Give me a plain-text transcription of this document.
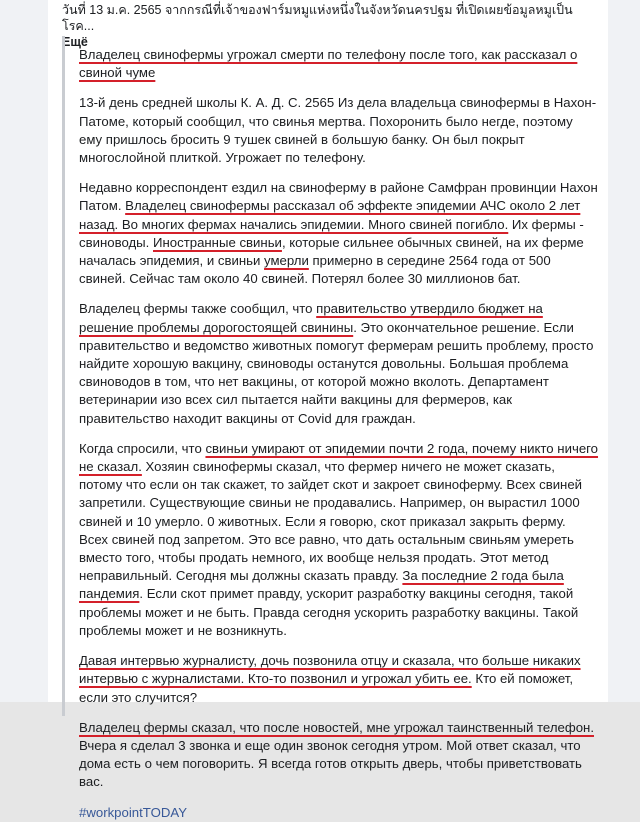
วันที่ 13 ม.ค. 2565 จากกรณีที่เจ้าของฟาร์มหมูแห่งหนึ่งในจังหวัดนครปฐม ที่เปิดเผยข้อมูลหมูเป็นโรค...
Ещё

Владелец свинофермы угрожал смерти по телефону после того, как рассказал о свиной чуме

13-й день средней школы К. А. Д. С. 2565 Из дела владельца свинофермы в Нахон-Патоме, который сообщил, что свинья мертва. Похоронить было негде, поэтому ему пришлось бросить 9 тушек свиней в большую банку. Он был покрыт многослойной плиткой. Угрожает по телефону.

Недавно корреспондент ездил на свиноферму в районе Самфран провинции Нахон Патом. Владелец свинофермы рассказал об эффекте эпидемии АЧС около 2 лет назад. Во многих фермах начались эпидемии. Много свиней погибло. Их фермы - свиноводы. Иностранные свиньи, которые сильнее обычных свиней, на их ферме началась эпидемия, и свиньи умерли примерно в середине 2564 года от 500 свиней. Сейчас там около 40 свиней. Потерял более 30 миллионов бат.

Владелец фермы также сообщил, что правительство утвердило бюджет на решение проблемы дорогостоящей свинины. Это окончательное решение. Если правительство и ведомство животных помогут фермерам решить проблему, просто найдите хорошую вакцину, свиноводы останутся довольны. Большая проблема свиноводов в том, что нет вакцины, от которой можно вколоть. Департамент ветеринарии изо всех сил пытается найти вакцины для фермеров, как правительство находит вакцины от Covid для граждан.

Когда спросили, что свиньи умирают от эпидемии почти 2 года, почему никто ничего не сказал. Хозяин свинофермы сказал, что фермер ничего не может сказать, потому что если он так скажет, то зайдет скот и закроет свиноферму. Всех свиней запретили. Существующие свиньи не продавались. Например, он вырастил 1000 свиней и 10 умерло. 0 животных. Если я говорю, скот приказал закрыть ферму. Всех свиней под запретом. Это все равно, что дать остальным свиньям умереть вместо того, чтобы продать немного, их вообще нельзя продать. Этот метод неправильный. Сегодня мы должны сказать правду. За последние 2 года была пандемия. Если скот примет правду, ускорит разработку вакцины сегодня, такой проблемы может и не быть. Правда сегодня ускорить разработку вакцины. Такой проблемы может и не возникнуть.

Давая интервью журналисту, дочь позвонила отцу и сказала, что больше никаких интервью с журналистами. Кто-то позвонил и угрожал убить ее. Кто ей поможет, если это случится?

Владелец фермы сказал, что после новостей, мне угрожал таинственный телефон. Вчера я сделал 3 звонка и еще один звонок сегодня утром. Мой ответ сказал, что дома есть о чем поговорить. Я всегда готов открыть дверь, чтобы приветствовать вас.

#workpointTODAY
